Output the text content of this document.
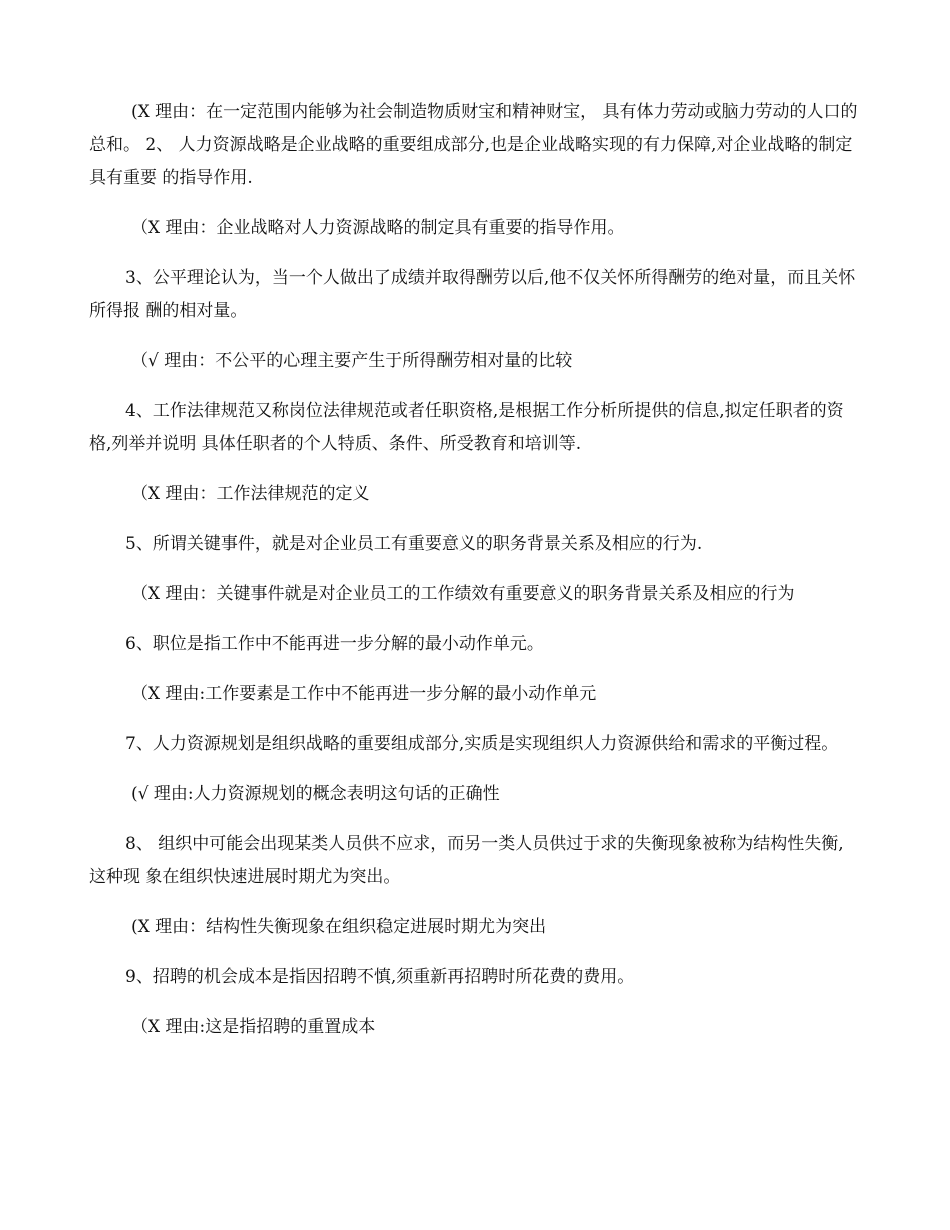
(X 理由：在一定范围内能够为社会制造物质财宝和精神财宝， 具有体力劳动或脑力劳动的人口的总和。 2、 人力资源战略是企业战略的重要组成部分,也是企业战略实现的有力保障,对企业战略的制定具有重要 的指导作用.

（X 理由：企业战略对人力资源战略的制定具有重要的指导作用。

3、公平理论认为，当一个人做出了成绩并取得酬劳以后,他不仅关怀所得酬劳的绝对量，而且关怀所得报 酬的相对量。

（√ 理由：不公平的心理主要产生于所得酬劳相对量的比较

4、工作法律规范又称岗位法律规范或者任职资格,是根据工作分析所提供的信息,拟定任职者的资格,列举并说明 具体任职者的个人特质、条件、所受教育和培训等.

（X 理由：工作法律规范的定义

5、所谓关键事件，就是对企业员工有重要意义的职务背景关系及相应的行为.

（X 理由：关键事件就是对企业员工的工作绩效有重要意义的职务背景关系及相应的行为

6、职位是指工作中不能再进一步分解的最小动作单元。

（X 理由:工作要素是工作中不能再进一步分解的最小动作单元

7、人力资源规划是组织战略的重要组成部分,实质是实现组织人力资源供给和需求的平衡过程。

(√ 理由:人力资源规划的概念表明这句话的正确性

8、 组织中可能会出现某类人员供不应求，而另一类人员供过于求的失衡现象被称为结构性失衡,这种现 象在组织快速进展时期尤为突出。

(X 理由：结构性失衡现象在组织稳定进展时期尤为突出

9、招聘的机会成本是指因招聘不慎,须重新再招聘时所花费的费用。

（X 理由:这是指招聘的重置成本
